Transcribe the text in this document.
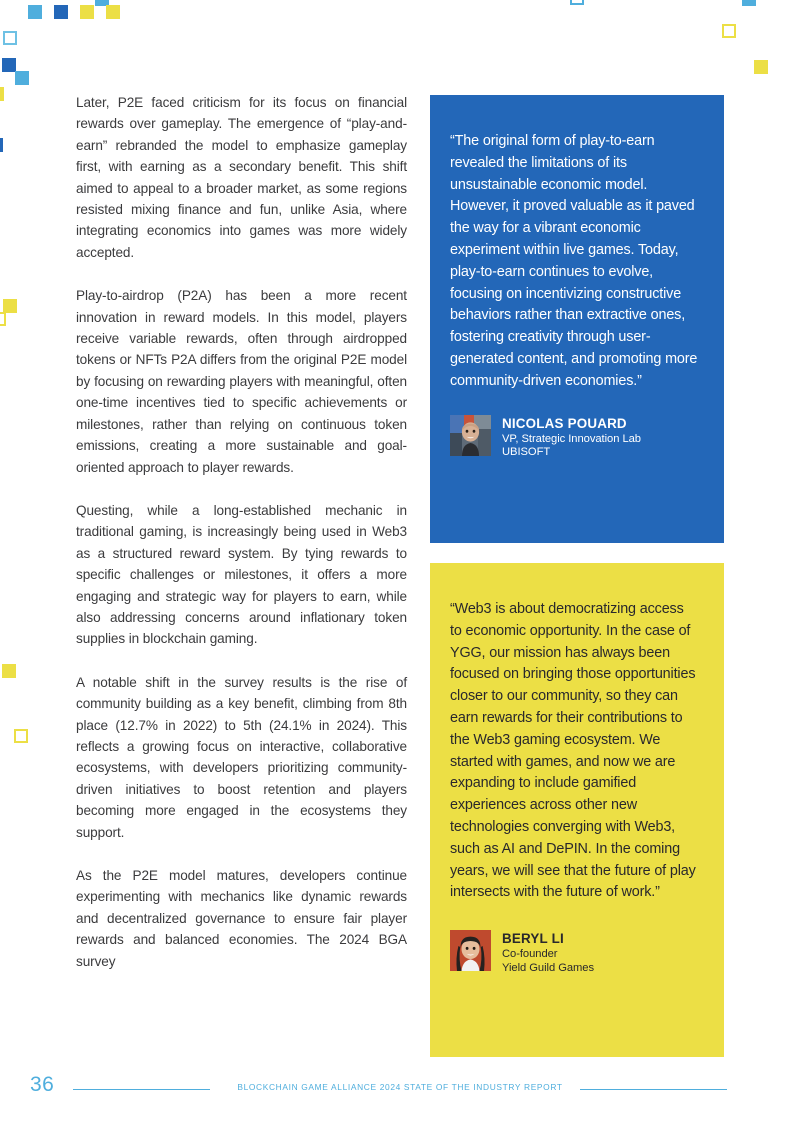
Later, P2E faced criticism for its focus on financial rewards over gameplay. The emergence of “play-and-earn” rebranded the model to emphasize gameplay first, with earning as a secondary benefit. This shift aimed to appeal to a broader market, as some regions resisted mixing finance and fun, unlike Asia, where integrating economics into games was more widely accepted.

Play-to-airdrop (P2A) has been a more recent innovation in reward models. In this model, players receive variable rewards, often through airdropped tokens or NFTs P2A differs from the original P2E model by focusing on rewarding players with meaningful, often one-time incentives tied to specific achievements or milestones, rather than relying on continuous token emissions, creating a more sustainable and goal-oriented approach to player rewards.

Questing, while a long-established mechanic in traditional gaming, is increasingly being used in Web3 as a structured reward system. By tying rewards to specific challenges or milestones, it offers a more engaging and strategic way for players to earn, while also addressing concerns around inflationary token supplies in blockchain gaming.

A notable shift in the survey results is the rise of community building as a key benefit, climbing from 8th place (12.7% in 2022) to 5th (24.1% in 2024). This reflects a growing focus on interactive, collaborative ecosystems, with developers prioritizing community-driven initiatives to boost retention and players becoming more engaged in the ecosystems they support.

As the P2E model matures, developers continue experimenting with mechanics like dynamic rewards and decentralized governance to ensure fair player rewards and balanced economies. The 2024 BGA survey

“The original form of play-to-earn revealed the limitations of its unsustainable economic model. However, it proved valuable as it paved the way for a vibrant economic experiment within live games. Today, play-to-earn continues to evolve, focusing on incentivizing constructive behaviors rather than extractive ones, fostering creativity through user-generated content, and promoting more community-driven economies.”

NICOLAS POUARD

VP, Strategic Innovation Lab

UBISOFT

“Web3 is about democratizing access to economic opportunity. In the case of YGG, our mission has always been focused on bringing those opportunities closer to our community, so they can earn rewards for their contributions to the Web3 gaming ecosystem. We started with games, and now we are expanding to include gamified experiences across other new technologies converging with Web3, such as AI and DePIN. In the coming years, we will see that the future of play intersects with the future of work.”

BERYL LI

Co-founder

Yield Guild Games

36	BLOCKCHAIN GAME ALLIANCE 2024 STATE OF THE INDUSTRY REPORT
